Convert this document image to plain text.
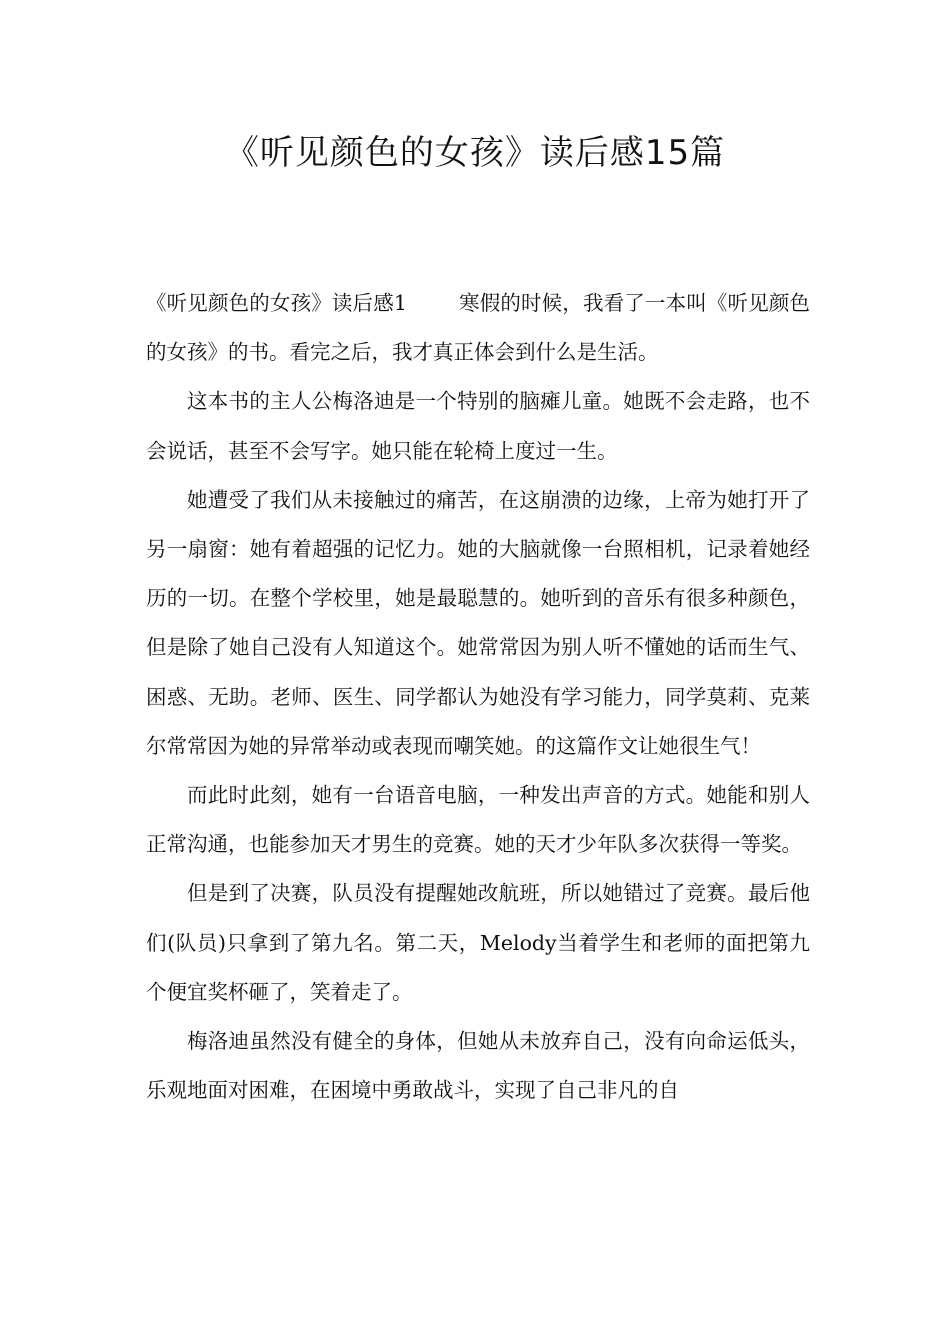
《听见颜色的女孩》读后感15篇

《听见颜色的女孩》读后感1	寒假的时候，我看了一本叫《听见颜色的女孩》的书。看完之后，我才真正体会到什么是生活。

这本书的主人公梅洛迪是一个特别的脑瘫儿童。她既不会走路，也不会说话，甚至不会写字。她只能在轮椅上度过一生。

她遭受了我们从未接触过的痛苦，在这崩溃的边缘，上帝为她打开了另一扇窗：她有着超强的记忆力。她的大脑就像一台照相机，记录着她经历的一切。在整个学校里，她是最聪慧的。她听到的音乐有很多种颜色，但是除了她自己没有人知道这个。她常常因为别人听不懂她的话而生气、困惑、无助。老师、医生、同学都认为她没有学习能力，同学莫莉、克莱尔常常因为她的异常举动或表现而嘲笑她。的这篇作文让她很生气！

而此时此刻，她有一台语音电脑，一种发出声音的方式。她能和别人正常沟通，也能参加天才男生的竞赛。她的天才少年队多次获得一等奖。

但是到了决赛，队员没有提醒她改航班，所以她错过了竞赛。最后他们(队员)只拿到了第九名。第二天，Melody当着学生和老师的面把第九个便宜奖杯砸了，笑着走了。

梅洛迪虽然没有健全的身体，但她从未放弃自己，没有向命运低头，乐观地面对困难，在困境中勇敢战斗，实现了自己非凡的自
